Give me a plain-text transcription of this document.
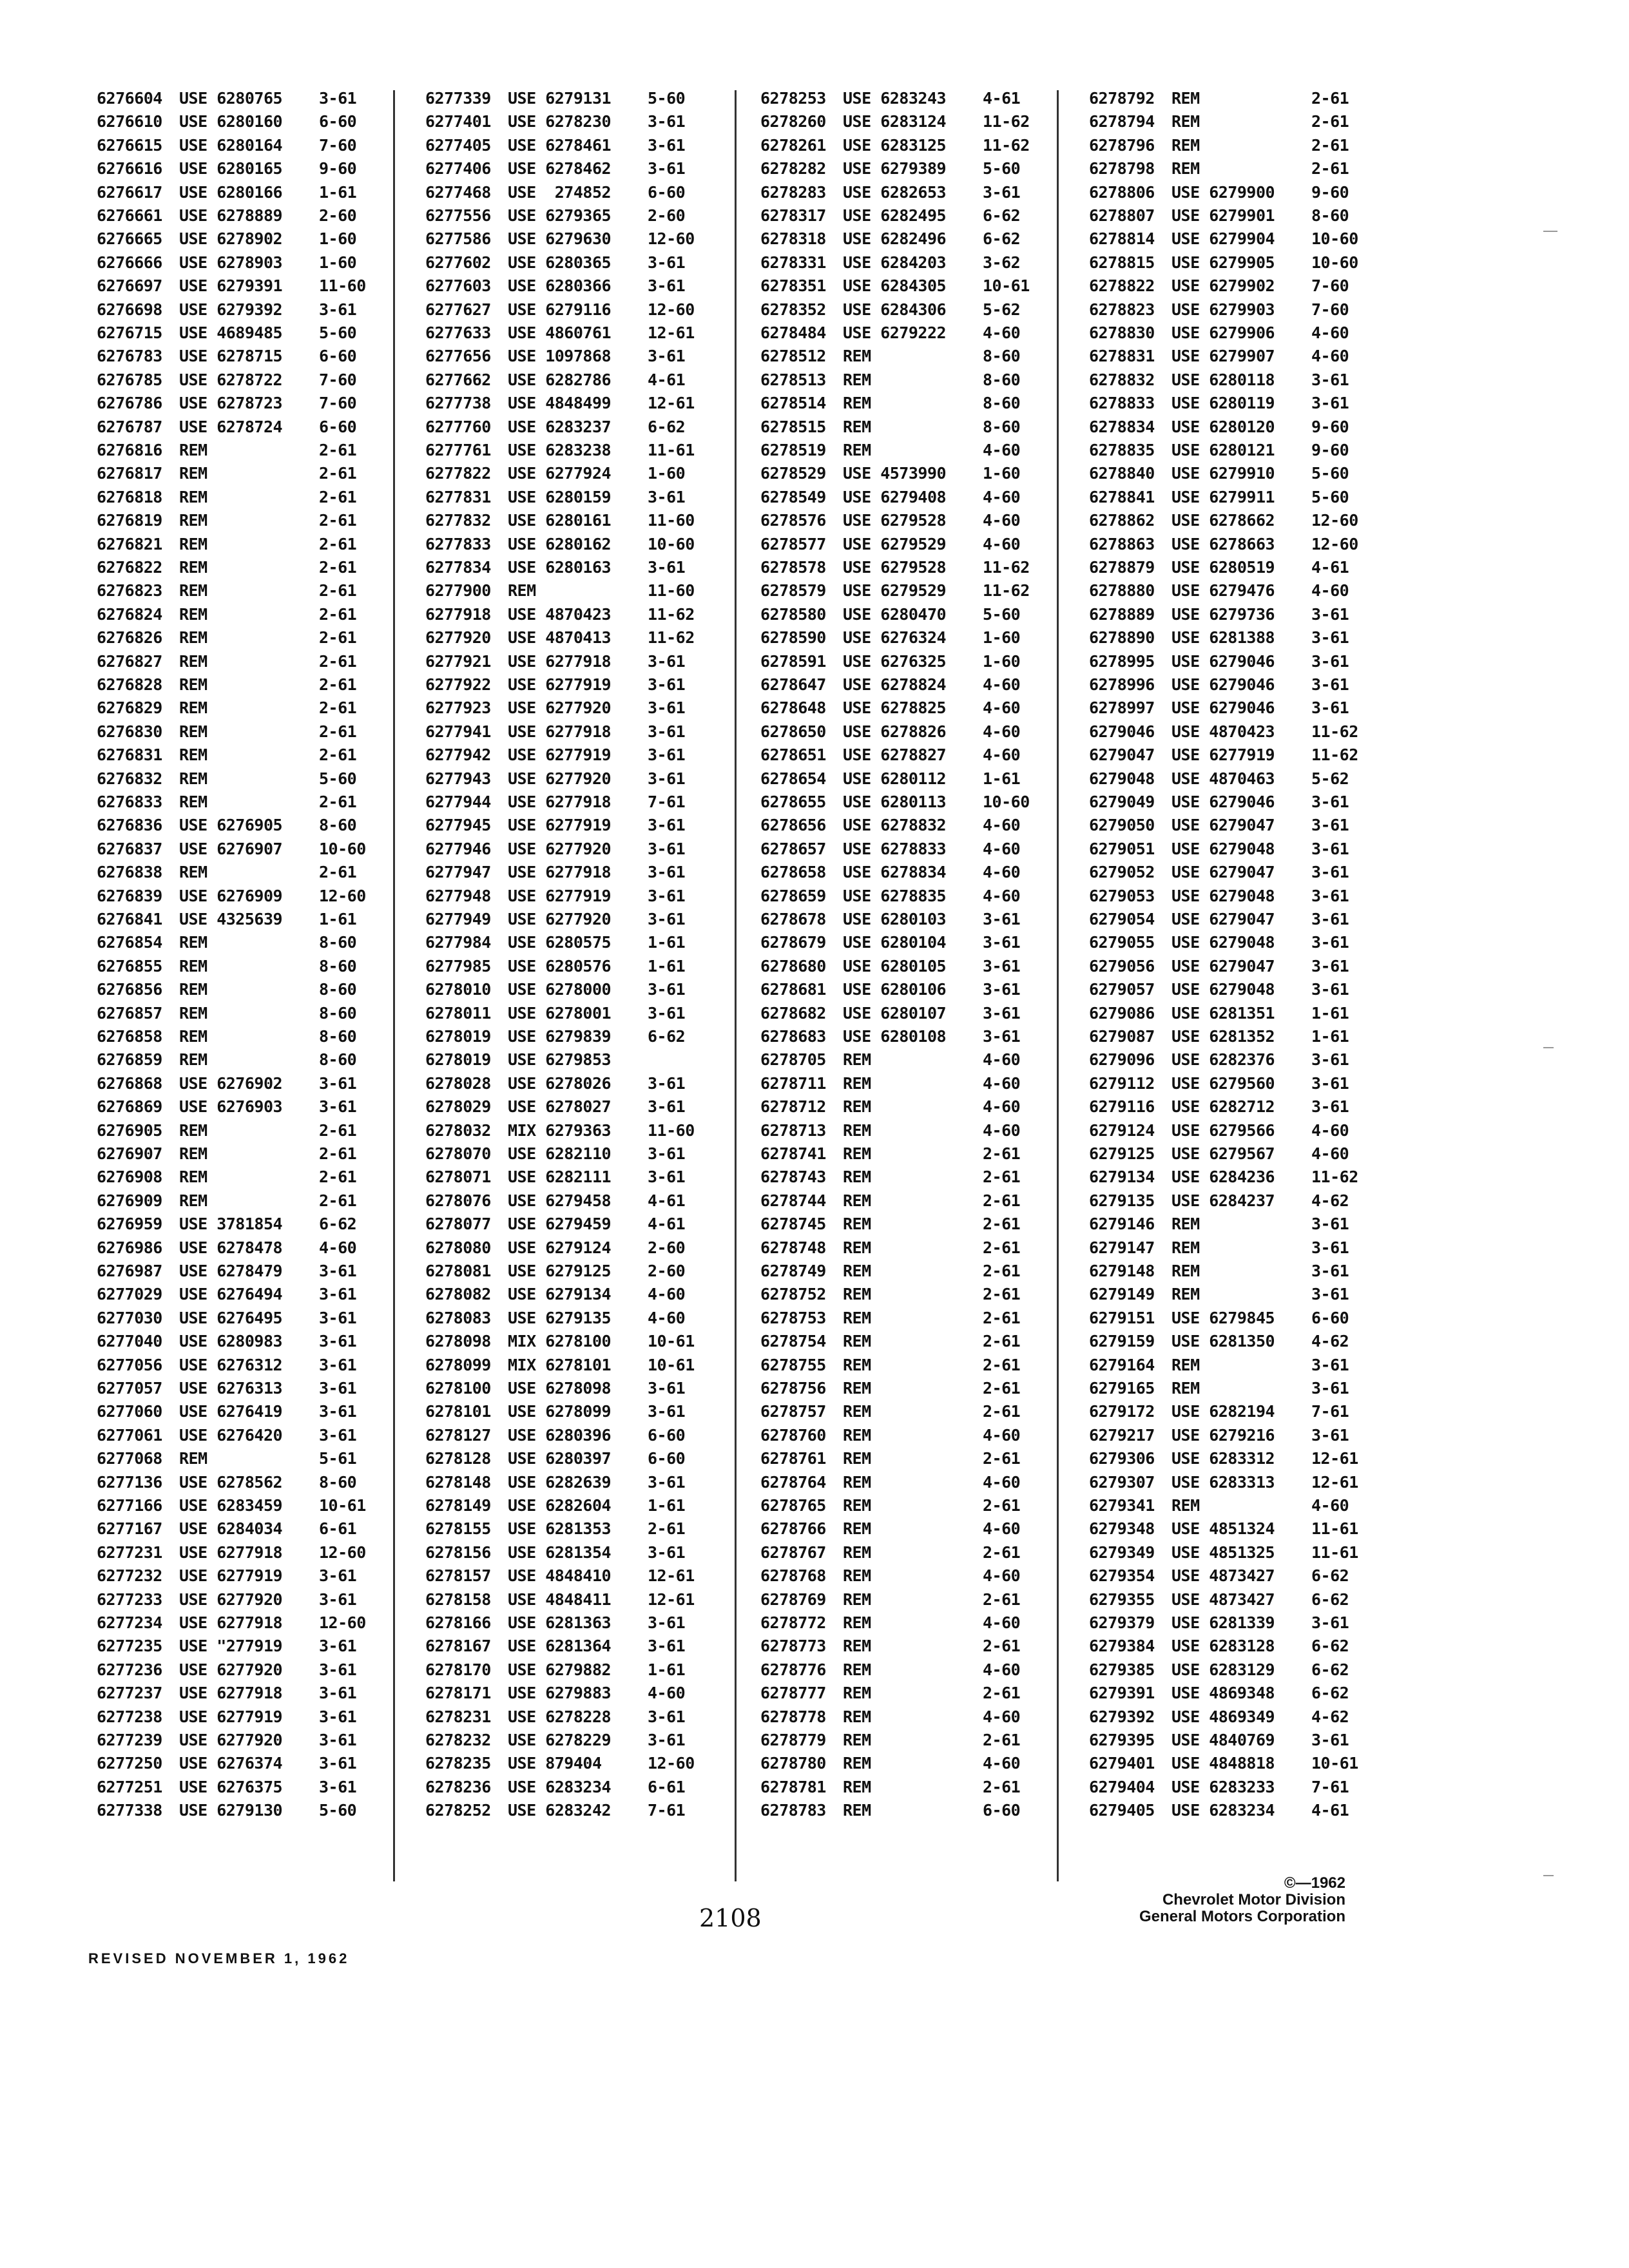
6276604 USE 6280765 3-61
6276610 USE 6280160 6-60
6276615 USE 6280164 7-60
6276616 USE 6280165 9-60
6276617 USE 6280166 1-61
6276661 USE 6278889 2-60
6276665 USE 6278902 1-60
6276666 USE 6278903 1-60
6276697 USE 6279391 11-60
6276698 USE 6279392 3-61
6276715 USE 4689485 5-60
6276783 USE 6278715 6-60
6276785 USE 6278722 7-60
6276786 USE 6278723 7-60
6276787 USE 6278724 6-60
6276816 REM	2-61
6276817 REM	2-61
6276818 REM	2-61
6276819 REM	2-61
6276821 REM	2-61
6276822 REM	2-61
6276823 REM	2-61
6276824 REM	2-61
6276826 REM	2-61
6276827 REM	2-61
6276828 REM	2-61
6276829 REM	2-61
6276830 REM	2-61
6276831 REM	2-61
6276832 REM	5-60
6276833 REM	2-61
6276836 USE 6276905 8-60
6276837 USE 6276907 10-60
6276838 REM	2-61
6276839 USE 6276909 12-60
6276841 USE 4325639 1-61
6276854 REM	8-60
6276855 REM	8-60
6276856 REM	8-60
6276857 REM	8-60
6276858 REM	8-60
6276859 REM	8-60
6276868 USE 6276902 3-61
6276869 USE 6276903 3-61
6276905 REM	2-61
6276907 REM	2-61
6276908 REM	2-61
6276909 REM	2-61
6276959 USE 3781854 6-62
6276986 USE 6278478 4-60
6276987 USE 6278479 3-61
6277029 USE 6276494 3-61
6277030 USE 6276495 3-61
6277040 USE 6280983 3-61
6277056 USE 6276312 3-61
6277057 USE 6276313 3-61
6277060 USE 6276419 3-61
6277061 USE 6276420 3-61
6277068 REM	5-61
6277136 USE 6278562 8-60
6277166 USE 6283459 10-61
6277167 USE 6284034 6-61
6277231 USE 6277918 12-60
6277232 USE 6277919 3-61
6277233 USE 6277920 3-61
6277234 USE 6277918 12-60
6277235 USE "277919 3-61
6277236 USE 6277920 3-61
6277237 USE 6277918 3-61
6277238 USE 6277919 3-61
6277239 USE 6277920 3-61
6277250 USE 6276374 3-61
6277251 USE 6276375 3-61
6277338 USE 6279130 5-60
6277339 USE 6279131 5-60
6277401 USE 6278230 3-61
6277405 USE 6278461 3-61
6277406 USE 6278462 3-61
6277468 USE  274852 6-60
6277556 USE 6279365 2-60
6277586 USE 6279630 12-60
6277602 USE 6280365 3-61
6277603 USE 6280366 3-61
6277627 USE 6279116 12-60
6277633 USE 4860761 12-61
6277656 USE 1097868 3-61
6277662 USE 6282786 4-61
6277738 USE 4848499 12-61
6277760 USE 6283237 6-62
6277761 USE 6283238 11-61
6277822 USE 6277924 1-60
6277831 USE 6280159 3-61
6277832 USE 6280161 11-60
6277833 USE 6280162 10-60
6277834 USE 6280163 3-61
6277900 REM	11-60
6277918 USE 4870423 11-62
6277920 USE 4870413 11-62
6277921 USE 6277918 3-61
6277922 USE 6277919 3-61
6277923 USE 6277920 3-61
6277941 USE 6277918 3-61
6277942 USE 6277919 3-61
6277943 USE 6277920 3-61
6277944 USE 6277918 7-61
6277945 USE 6277919 3-61
6277946 USE 6277920 3-61
6277947 USE 6277918 3-61
6277948 USE 6277919 3-61
6277949 USE 6277920 3-61
6277984 USE 6280575 1-61
6277985 USE 6280576 1-61
6278010 USE 6278000 3-61
6278011 USE 6278001 3-61
6278019 USE 6279839 6-62
6278019 USE 6279853
6278028 USE 6278026 3-61
6278029 USE 6278027 3-61
6278032 MIX 6279363 11-60
6278070 USE 6282110 3-61
6278071 USE 6282111 3-61
6278076 USE 6279458 4-61
6278077 USE 6279459 4-61
6278080 USE 6279124 2-60
6278081 USE 6279125 2-60
6278082 USE 6279134 4-60
6278083 USE 6279135 4-60
6278098 MIX 6278100 10-61
6278099 MIX 6278101 10-61
6278100 USE 6278098 3-61
6278101 USE 6278099 3-61
6278127 USE 6280396 6-60
6278128 USE 6280397 6-60
6278148 USE 6282639 3-61
6278149 USE 6282604 1-61
6278155 USE 6281353 2-61
6278156 USE 6281354 3-61
6278157 USE 4848410 12-61
6278158 USE 4848411 12-61
6278166 USE 6281363 3-61
6278167 USE 6281364 3-61
6278170 USE 6279882 1-61
6278171 USE 6279883 4-60
6278231 USE 6278228 3-61
6278232 USE 6278229 3-61
6278235 USE 879404	12-60
6278236 USE 6283234 6-61
6278252 USE 6283242 7-61
6278253 USE 6283243 4-61
6278260 USE 6283124 11-62
6278261 USE 6283125 11-62
6278282 USE 6279389 5-60
6278283 USE 6282653 3-61
6278317 USE 6282495 6-62
6278318 USE 6282496 6-62
6278331 USE 6284203 3-62
6278351 USE 6284305 10-61
6278352 USE 6284306 5-62
6278484 USE 6279222 4-60
6278512 REM	8-60
6278513 REM	8-60
6278514 REM	8-60
6278515 REM	8-60
6278519 REM	4-60
6278529 USE 4573990 1-60
6278549 USE 6279408 4-60
6278576 USE 6279528 4-60
6278577 USE 6279529 4-60
6278578 USE 6279528 11-62
6278579 USE 6279529 11-62
6278580 USE 6280470 5-60
6278590 USE 6276324 1-60
6278591 USE 6276325 1-60
6278647 USE 6278824 4-60
6278648 USE 6278825 4-60
6278650 USE 6278826 4-60
6278651 USE 6278827 4-60
6278654 USE 6280112 1-61
6278655 USE 6280113 10-60
6278656 USE 6278832 4-60
6278657 USE 6278833 4-60
6278658 USE 6278834 4-60
6278659 USE 6278835 4-60
6278678 USE 6280103 3-61
6278679 USE 6280104 3-61
6278680 USE 6280105 3-61
6278681 USE 6280106 3-61
6278682 USE 6280107 3-61
6278683 USE 6280108 3-61
6278705 REM	4-60
6278711 REM	4-60
6278712 REM	4-60
6278713 REM	4-60
6278741 REM	2-61
6278743 REM	2-61
6278744 REM	2-61
6278745 REM	2-61
6278748 REM	2-61
6278749 REM	2-61
6278752 REM	2-61
6278753 REM	2-61
6278754 REM	2-61
6278755 REM	2-61
6278756 REM	2-61
6278757 REM	2-61
6278760 REM	4-60
6278761 REM	2-61
6278764 REM	4-60
6278765 REM	2-61
6278766 REM	4-60
6278767 REM	2-61
6278768 REM	4-60
6278769 REM	2-61
6278772 REM	4-60
6278773 REM	2-61
6278776 REM	4-60
6278777 REM	2-61
6278778 REM	4-60
6278779 REM	2-61
6278780 REM	4-60
6278781 REM	2-61
6278783 REM	6-60
6278792 REM	2-61
6278794 REM	2-61
6278796 REM	2-61
6278798 REM	2-61
6278806 USE 6279900 9-60
6278807 USE 6279901 8-60
6278814 USE 6279904 10-60
6278815 USE 6279905 10-60
6278822 USE 6279902 7-60
6278823 USE 6279903 7-60
6278830 USE 6279906 4-60
6278831 USE 6279907 4-60
6278832 USE 6280118 3-61
6278833 USE 6280119 3-61
6278834 USE 6280120 9-60
6278835 USE 6280121 9-60
6278840 USE 6279910 5-60
6278841 USE 6279911 5-60
6278862 USE 6278662 12-60
6278863 USE 6278663 12-60
6278879 USE 6280519 4-61
6278880 USE 6279476 4-60
6278889 USE 6279736 3-61
6278890 USE 6281388 3-61
6278995 USE 6279046 3-61
6278996 USE 6279046 3-61
6278997 USE 6279046 3-61
6279046 USE 4870423 11-62
6279047 USE 6277919 11-62
6279048 USE 4870463 5-62
6279049 USE 6279046 3-61
6279050 USE 6279047 3-61
6279051 USE 6279048 3-61
6279052 USE 6279047 3-61
6279053 USE 6279048 3-61
6279054 USE 6279047 3-61
6279055 USE 6279048 3-61
6279056 USE 6279047 3-61
6279057 USE 6279048 3-61
6279086 USE 6281351 1-61
6279087 USE 6281352 1-61
6279096 USE 6282376 3-61
6279112 USE 6279560 3-61
6279116 USE 6282712 3-61
6279124 USE 6279566 4-60
6279125 USE 6279567 4-60
6279134 USE 6284236 11-62
6279135 USE 6284237 4-62
6279146 REM	3-61
6279147 REM	3-61
6279148 REM	3-61
6279149 REM	3-61
6279151 USE 6279845 6-60
6279159 USE 6281350 4-62
6279164 REM	3-61
6279165 REM	3-61
6279172 USE 6282194 7-61
6279217 USE 6279216 3-61
6279306 USE 6283312 12-61
6279307 USE 6283313 12-61
6279341 REM	4-60
6279348 USE 4851324 11-61
6279349 USE 4851325 11-61
6279354 USE 4873427 6-62
6279355 USE 4873427 6-62
6279379 USE 6281339 3-61
6279384 USE 6283128 6-62
6279385 USE 6283129 6-62
6279391 USE 4869348 6-62
6279392 USE 4869349 4-62
6279395 USE 4840769 3-61
6279401 USE 4848818 10-61
6279404 USE 6283233 7-61
6279405 USE 6283234 4-61
2108
REVISED NOVEMBER 1, 1962
©—1962
Chevrolet Motor Division
General Motors Corporation
